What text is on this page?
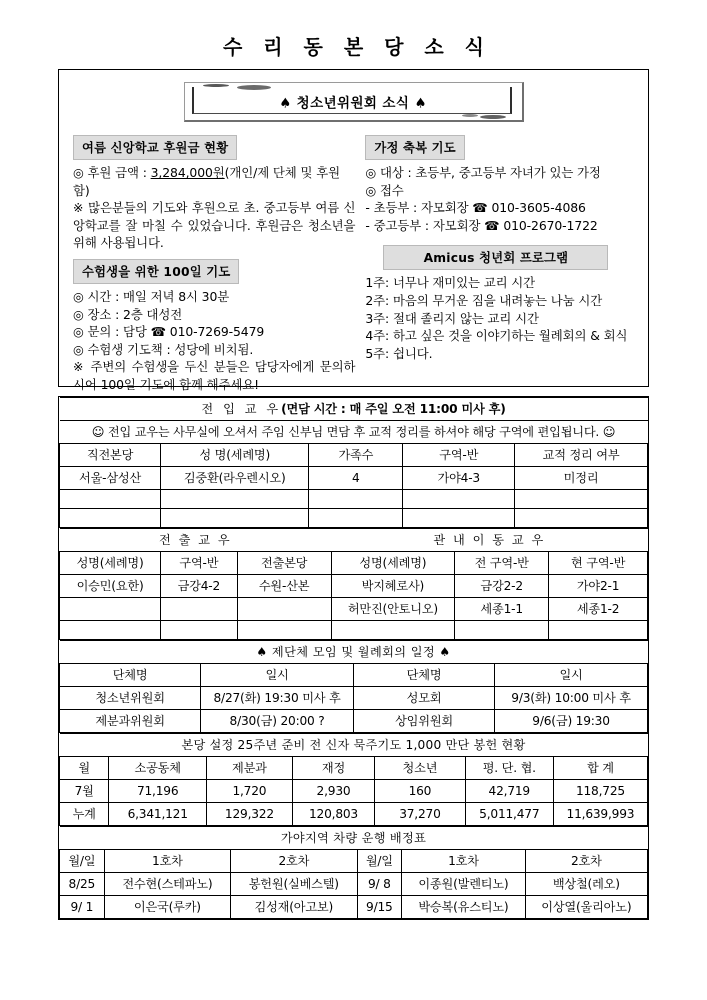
수 리 동 본 당 소 식
♠ 청소년위원회 소식 ♠
여름 신앙학교 후원금 현황
◎ 후원 금액 : 3,284,000원(개인/제 단체 및 후원함)
※ 많은분들의 기도와 후원으로 초. 중고등부 여름 신앙학교를 잘 마칠 수 있었습니다. 후원금은 청소년을 위해 사용됩니다.
수험생을 위한 100일 기도
◎ 시간 : 매일 저녁 8시 30분
◎ 장소 : 2층 대성전
◎ 문의 : 담당 ☎ 010-7269-5479
◎ 수험생 기도책 : 성당에 비치됨.
※ 주변의 수험생을 두신 분들은 담당자에게 문의하시어 100일 기도에 함께 해주세요!
가정 축복 기도
◎ 대상 : 초등부, 중고등부 자녀가 있는 가정
◎ 접수
- 초등부 : 자모회장 ☎ 010-3605-4086
- 중고등부 : 자모회장 ☎ 010-2670-1722
Amicus 청년회 프로그램
1주: 너무나 재미있는 교리 시간
2주: 마음의 무거운 짐을 내려놓는 나눔 시간
3주: 절대 졸리지 않는 교리 시간
4주: 하고 싶은 것을 이야기하는 월례회의 & 회식
5주: 쉽니다.
전 입 교 우(면담 시간 : 매 주일 오전 11:00 미사 후)				
☺ 전입 교우는 사무실에 오셔서 주임 신부님 면담 후 교적 정리를 하셔야 해당 구역에 편입됩니다. ☺				
직전본당	성 명(세례명)	가족수	구역-반	교적 정리 여부
서울-삼성산	김중환(라우렌시오)	4	가야4-3	미정리

전 출 교 우			관 내 이 동 교 우		
성명(세례명)	구역-반	전출본당	성명(세례명)	전 구역-반	현 구역-반
이승민(요한)	금강4-2	수원-산본	박지혜로사)	금강2-2	가야2-1
			허만진(안토니오)	세종1-1	세종1-2

♠ 제단체 모임 및 월례회의 일정 ♠			
단체명	일시	단체명	일시
청소년위원회	8/27(화) 19:30 미사 후	성모회	9/3(화) 10:00 미사 후
제분과위원회	8/30(금) 20:00 ?	상임위원회	9/6(금) 19:30
본당 설정 25주년 준비 전 신자 묵주기도 1,000 만단 봉헌 현황						
월	소공동체	제분과	재정	청소년	평. 단. 협.	합 계
7월	71,196	1,720	2,930	160	42,719	118,725
누계	6,341,121	129,322	120,803	37,270	5,011,477	11,639,993
가야지역 차량 운행 배정표					
월/일	1호차	2호차	월/일	1호차	2호차
8/25	전수현(스테파노)	봉헌원(실베스텔)	9/ 8	이종원(발렌티노)	백상철(레오)
9/ 1	이은국(루카)	김성재(아고보)	9/15	박승복(유스티노)	이상열(울리아노)
